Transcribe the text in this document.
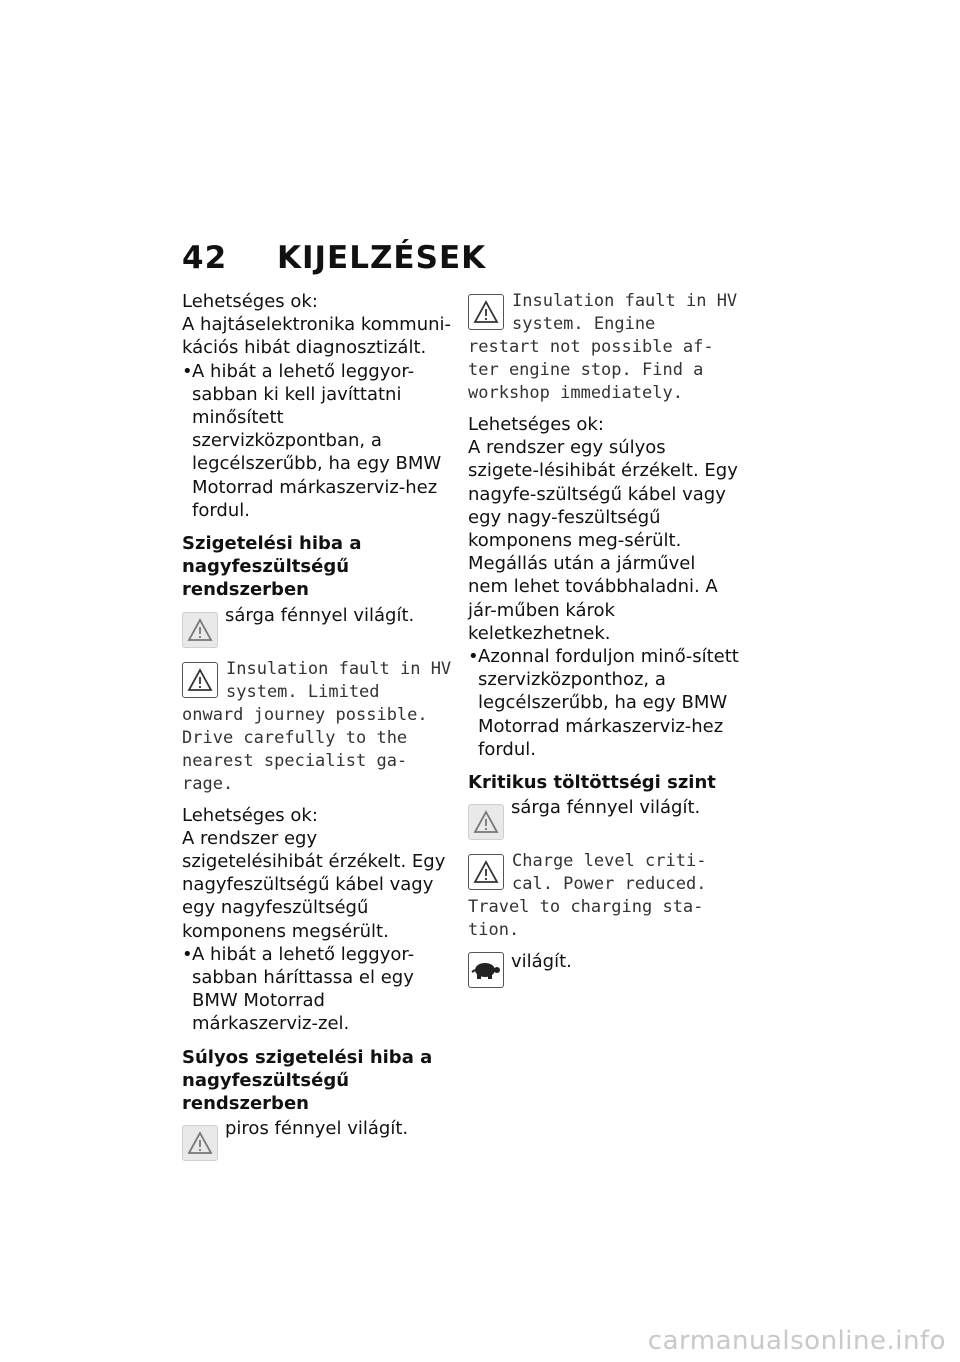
42 KIJELZÉSEK

Lehetséges ok:

A hajtáselektronika kommuni-kációs hibát diagnosztizált.

• A hibát a lehető leggyor-sabban ki kell javíttatni minősített szervizközpontban, a legcélszerűbb, ha egy BMW Motorrad márkaszerviz-hez fordul.

Szigetelési hiba a nagyfeszültségű rendszerben

sárga fénnyel világít.
Insulation fault in HV system. Limited
onward journey possible. Drive carefully to the nearest specialist ga-rage.

Lehetséges ok:

A rendszer egy szigetelésihibát érzékelt. Egy nagyfeszültségű kábel vagy egy nagyfeszültségű komponens megsérült.

• A hibát a lehető leggyor-sabban háríttassa el egy BMW Motorrad márkaszerviz-zel.

Súlyos szigetelési hiba a nagyfeszültségű rendszerben

piros fénnyel világít.
Insulation fault in HV system. Engine
restart not possible af-ter engine stop. Find a workshop immediately.

Lehetséges ok:

A rendszer egy súlyos szigete-lésihibát érzékelt. Egy nagyfe-szültségű kábel vagy egy nagy-feszültségű komponens meg-sérült. Megállás után a járművel nem lehet továbbhaladni. A jár-műben károk keletkezhetnek.

• Azonnal forduljon minő-sített szervizközponthoz, a legcélszerűbb, ha egy BMW Motorrad márkaszerviz-hez fordul.

Kritikus töltöttségi szint

sárga fénnyel világít.
Charge level criti-cal. Power reduced.
Travel to charging sta-tion.
világít.
carmanualsonline.info
